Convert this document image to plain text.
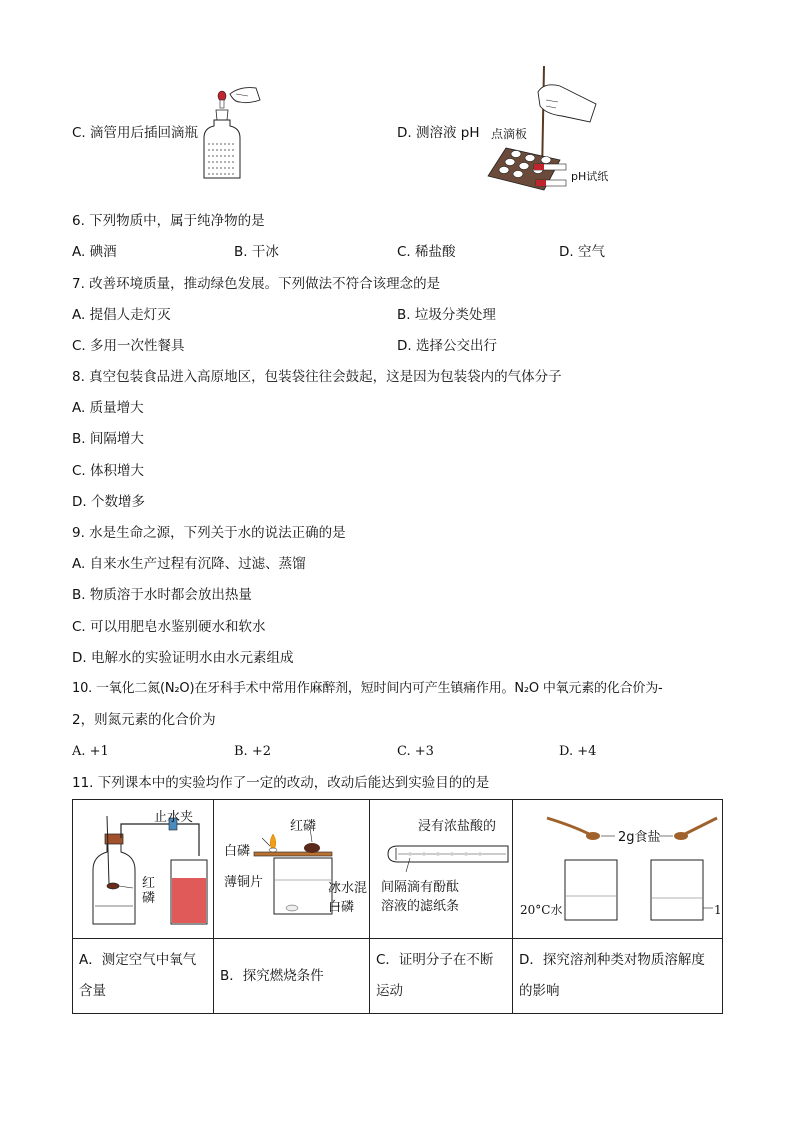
C. 滴管用后插回滴瓶	D. 测溶液 pH 点滴板
pH试纸
6. 下列物质中，属于纯净物的是
A. 碘酒	B. 干冰	C. 稀盐酸	D. 空气
7. 改善环境质量，推动绿色发展。下列做法不符合该理念的是
A. 提倡人走灯灭	B. 垃圾分类处理
C. 多用一次性餐具	D. 选择公交出行
8. 真空包装食品进入高原地区，包装袋往往会鼓起，这是因为包装袋内的气体分子
A. 质量增大
B. 间隔增大
C. 体积增大
D. 个数增多
9. 水是生命之源，下列关于水的说法正确的是
A. 自来水生产过程有沉降、过滤、蒸馏
B. 物质溶于水时都会放出热量
C. 可以用肥皂水鉴别硬水和软水
D. 电解水的实验证明水由水元素组成
10. 一氧化二氮(N₂O)在牙科手术中常用作麻醉剂，短时间内可产生镇痛作用。N₂O 中氧元素的化合价为-
2，则氮元素的化合价为
A. +1	B. +2	C. +3	D. +4
11. 下列课本中的实验均作了一定的改动，改动后能达到实验目的的是

A．测定空气中氧气含量	B．探究燃烧条件	C．证明分子在不断运动	D．探究溶剂种类对物质溶解度的影响
止水夹
红
磷
红磷
白磷
薄铜片	冰水混
白磷
浸有浓盐酸的
间隔滴有酚酞
溶液的滤纸条
2g食盐
20°C水	1
